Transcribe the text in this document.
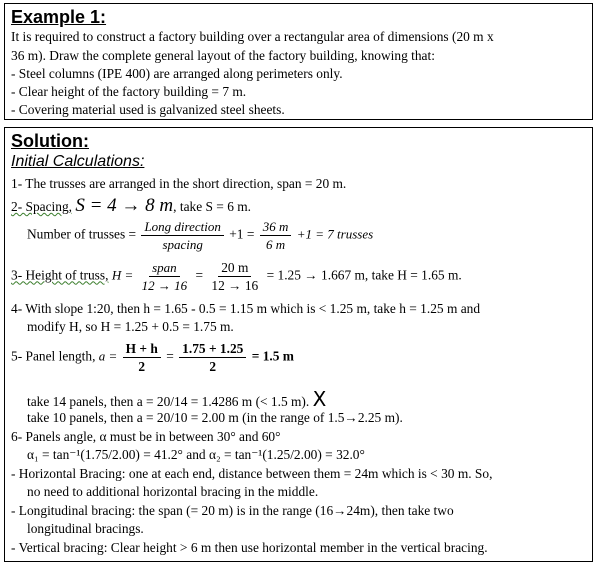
Example 1:
It is required to construct a factory building over a rectangular area of dimensions (20 m x
36 m). Draw the complete general layout of the factory building, knowing that:
- Steel columns (IPE 400) are arranged along perimeters only.
- Clear height of the factory building = 7 m.
- Covering material used is galvanized steel sheets.
Solution:
Initial Calculations:
1- The trusses are arranged in the short direction, span = 20 m.
2- Spacing, S = 4 → 8 m, take S = 6 m.
Number of trusses = $\frac{\text{Long direction}}{\text{spacing}} +1 = \frac{36 m}{6 m} +1 = 7$ trusses
3- Height of truss, $H = \frac{\text{span}}{12 \to 16} = \frac{20 m}{12 \to 16} = 1.25 \to 1.667$ m, take H = 1.65 m.
4- With slope 1:20, then h = 1.65 - 0.5 = 1.15 m which is < 1.25 m, take h = 1.25 m and
modify H, so H = 1.25 + 0.5 = 1.75 m.
5- Panel length, $a = \frac{H + h}{2} = \frac{1.75 + 1.25}{2} = 1.5$ m
take 14 panels, then a = 20/14 = 1.4286 m (< 1.5 m). X
take 10 panels, then a = 20/10 = 2.00 m (in the range of 1.5→2.25 m).
6- Panels angle, α must be in between 30° and 60°
α₁ = tan⁻¹(1.75/2.00) = 41.2° and α₂ = tan⁻¹(1.25/2.00) = 32.0°
- Horizontal Bracing: one at each end, distance between them = 24m which is < 30 m. So,
no need to additional horizontal bracing in the middle.
- Longitudinal bracing: the span (= 20 m) is in the range (16→24m), then take two
longitudinal bracings.
- Vertical bracing: Clear height > 6 m then use horizontal member in the vertical bracing.
